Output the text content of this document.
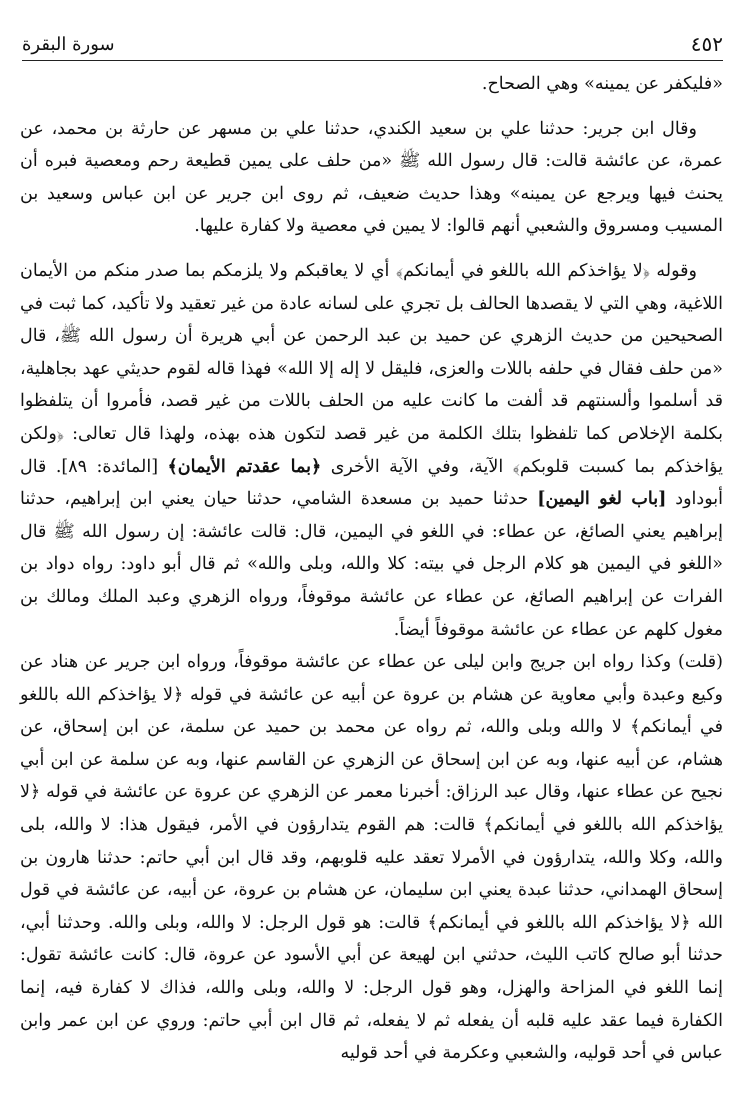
٤٥٢
سورة البقرة

«فليكفر عن يمينه» وهي الصحاح.

وقال ابن جرير: حدثنا علي بن سعيد الكندي، حدثنا علي بن مسهر عن حارثة بن محمد، عن عمرة، عن عائشة قالت: قال رسول الله ﷺ «من حلف على يمين قطيعة رحم ومعصية فبره أن يحنث فيها ويرجع عن يمينه» وهذا حديث ضعيف، ثم روى ابن جرير عن ابن عباس وسعيد بن المسيب ومسروق والشعبي أنهم قالوا: لا يمين في معصية ولا كفارة عليها.

وقوله ﴿لا يؤاخذكم الله باللغو في أيمانكم﴾ أي لا يعاقبكم ولا يلزمكم بما صدر منكم من الأيمان اللاغية، وهي التي لا يقصدها الحالف بل تجري على لسانه عادة من غير تعقيد ولا تأكيد، كما ثبت في الصحيحين من حديث الزهري عن حميد بن عبد الرحمن عن أبي هريرة أن رسول الله ﷺ، قال «من حلف فقال في حلفه باللات والعزى، فليقل لا إله إلا الله» فهذا قاله لقوم حديثي عهد بجاهلية، قد أسلموا وألسنتهم قد ألفت ما كانت عليه من الحلف باللات من غير قصد، فأمروا أن يتلفظوا بكلمة الإخلاص كما تلفظوا بتلك الكلمة من غير قصد لتكون هذه بهذه، ولهذا قال تعالى: ﴿ولكن يؤاخذكم بما كسبت قلوبكم﴾ الآية، وفي الآية الأخرى ﴿بما عقدتم الأيمان﴾ [المائدة: ٨٩]. قال أبوداود [باب لغو اليمين] حدثنا حميد بن مسعدة الشامي، حدثنا حيان يعني ابن إبراهيم، حدثنا إبراهيم يعني الصائغ، عن عطاء: في اللغو في اليمين، قال: قالت عائشة: إن رسول الله ﷺ قال «اللغو في اليمين هو كلام الرجل في بيته: كلا والله، وبلى والله» ثم قال أبو داود: رواه دواد بن الفرات عن إبراهيم الصائغ، عن عطاء عن عائشة موقوفاً، ورواه الزهري وعبد الملك ومالك بن مغول كلهم عن عطاء عن عائشة موقوفاً أيضاً.

(قلت) وكذا رواه ابن جريج وابن ليلى عن عطاء عن عائشة موقوفاً، ورواه ابن جرير عن هناد عن وكيع وعبدة وأبي معاوية عن هشام بن عروة عن أبيه عن عائشة في قوله ﴿لا يؤاخذكم الله باللغو في أيمانكم﴾ لا والله وبلى والله، ثم رواه عن محمد بن حميد عن سلمة، عن ابن إسحاق، عن هشام، عن أبيه عنها، وبه عن ابن إسحاق عن الزهري عن القاسم عنها، وبه عن سلمة عن ابن أبي نجيح عن عطاء عنها، وقال عبد الرزاق: أخبرنا معمر عن الزهري عن عروة عن عائشة في قوله ﴿لا يؤاخذكم الله باللغو في أيمانكم﴾ قالت: هم القوم يتدارؤون في الأمر، فيقول هذا: لا والله، بلى والله، وكلا والله، يتدارؤون في الأمرلا تعقد عليه قلوبهم، وقد قال ابن أبي حاتم: حدثنا هارون بن إسحاق الهمداني، حدثنا عبدة يعني ابن سليمان، عن هشام بن عروة، عن أبيه، عن عائشة في قول الله ﴿لا يؤاخذكم الله باللغو في أيمانكم﴾ قالت: هو قول الرجل: لا والله، وبلى والله. وحدثنا أبي، حدثنا أبو صالح كاتب الليث، حدثني ابن لهيعة عن أبي الأسود عن عروة، قال: كانت عائشة تقول: إنما اللغو في المزاحة والهزل، وهو قول الرجل: لا والله، وبلى والله، فذاك لا كفارة فيه، إنما الكفارة فيما عقد عليه قلبه أن يفعله ثم لا يفعله، ثم قال ابن أبي حاتم: وروي عن ابن عمر وابن عباس في أحد قوليه، والشعبي وعكرمة في أحد قوليه
